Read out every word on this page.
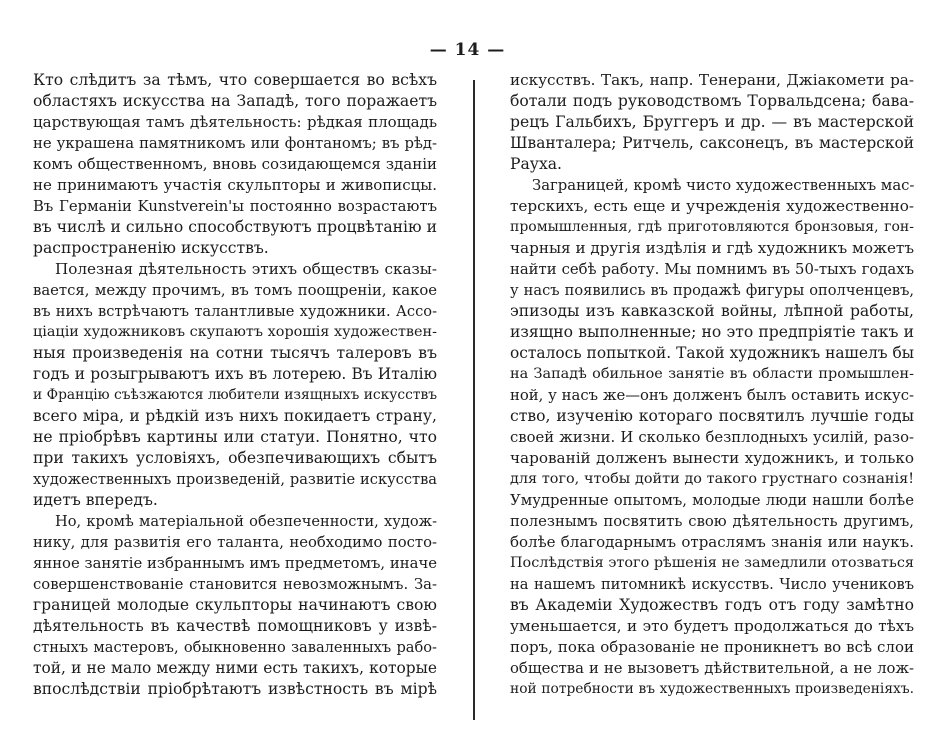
— 14 —
Кто слѣдитъ за тѣмъ, что совершается во всѣхъ
областяхъ искусства на Западѣ, того поражаетъ
царствующая тамъ дѣятельность: рѣдкая площадь
не украшена памятникомъ или фонтаномъ; въ рѣд-
комъ общественномъ, вновь созидающемся зданіи
не принимаютъ участія скульпторы и живописцы.
Въ Германіи Kunstverein'ы постоянно возрастаютъ
въ числѣ и сильно способствуютъ процвѣтанію и
распространенію искусствъ.
Полезная дѣятельность этихъ обществъ сказы-
вается, между прочимъ, въ томъ поощреніи, какое
въ нихъ встрѣчаютъ талантливые художники. Ассо-
ціаціи художниковъ скупаютъ хорошія художествен-
ныя произведенія на сотни тысячъ талеровъ въ
годъ и розыгрываютъ ихъ въ лотерею. Въ Италію
и Францію съѣзжаются любители изящныхъ искусствъ
всего міра, и рѣдкій изъ нихъ покидаетъ страну,
не пріобрѣвъ картины или статуи. Понятно, что
при такихъ условіяхъ, обезпечивающихъ сбытъ
художественныхъ произведеній, развитіе искусства
идетъ впередъ.
Но, кромѣ матеріальной обезпеченности, худож-
нику, для развитія его таланта, необходимо посто-
янное занятіе избраннымъ имъ предметомъ, иначе
совершенствованіе становится невозможнымъ. За-
границей молодые скульпторы начинаютъ свою
дѣятельность въ качествѣ помощниковъ у извѣ-
стныхъ мастеровъ, обыкновенно заваленныхъ рабо-
той, и не мало между ними есть такихъ, которые
впослѣдствіи пріобрѣтаютъ извѣстность въ мірѣ
искусствъ. Такъ, напр. Тенерани, Джіакомети ра-
ботали подъ руководствомъ Торвальдсена; бава-
рецъ Гальбихъ, Бруггеръ и др. — въ мастерской
Шванталера; Ритчель, саксонецъ, въ мастерской
Рауха.
Заграницей, кромѣ чисто художественныхъ мас-
терскихъ, есть еще и учрежденія художественно-
промышленныя, гдѣ приготовляются бронзовыя, гон-
чарныя и другія издѣлія и гдѣ художникъ можетъ
найти себѣ работу. Мы помнимъ въ 50-тыхъ годахъ
у насъ появились въ продажѣ фигуры ополченцевъ,
эпизоды изъ кавказской войны, лѣпной работы,
изящно выполненные; но это предпріятіе такъ и
осталось попыткой. Такой художникъ нашелъ бы
на Западѣ обильное занятіе въ области промышлен-
ной, у насъ же—онъ долженъ былъ оставить искус-
ство, изученію котораго посвятилъ лучшіе годы
своей жизни. И сколько безплодныхъ усилій, разо-
чарованій долженъ вынести художникъ, и только
для того, чтобы дойти до такого грустнаго сознанія!
Умудренные опытомъ, молодые люди нашли болѣе
полезнымъ посвятить свою дѣятельность другимъ,
болѣе благодарнымъ отраслямъ знанія или наукъ.
Послѣдствія этого рѣшенія не замедлили отозваться
на нашемъ питомникѣ искусствъ. Число учениковъ
въ Академіи Художествъ годъ отъ году замѣтно
уменьшается, и это будетъ продолжаться до тѣхъ
поръ, пока образованіе не проникнетъ во всѣ слои
общества и не вызоветъ дѣйствительной, а не лож-
ной потребности въ художественныхъ произведеніяхъ.
